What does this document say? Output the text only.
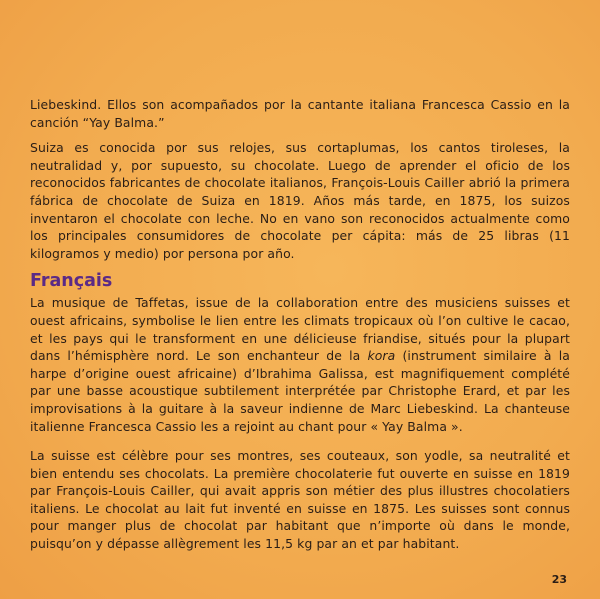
Liebeskind. Ellos son acompañados por la cantante italiana Francesca Cassio en la canción “Yay Balma.”

Suiza es conocida por sus relojes, sus cortaplumas, los cantos tiroleses, la neutralidad y, por supuesto, su chocolate. Luego de aprender el oficio de los reconocidos fabricantes de chocolate italianos, François-Louis Cailler abrió la primera fábrica de chocolate de Suiza en 1819. Años más tarde, en 1875, los suizos inventaron el chocolate con leche. No en vano son reconocidos actualmente como los principales consumidores de chocolate per cápita: más de 25 libras (11 kilogramos y medio) por persona por año.

Français

La musique de Taffetas, issue de la collaboration entre des musiciens suisses et ouest africains, symbolise le lien entre les climats tropicaux où l’on cultive le cacao, et les pays qui le transforment en une délicieuse friandise, situés pour la plupart dans l’hémisphère nord. Le son enchanteur de la kora (instrument similaire à la harpe d’origine ouest africaine) d’Ibrahima Galissa, est magnifiquement complété par une basse acoustique subtilement interprétée par Christophe Erard, et par les improvisations à la guitare à la saveur indienne de Marc Liebeskind. La chanteuse italienne Francesca Cassio les a rejoint au chant pour « Yay Balma ».

La suisse est célèbre pour ses montres, ses couteaux, son yodle, sa neutralité et bien entendu ses chocolats. La première chocolaterie fut ouverte en suisse en 1819 par François-Louis Cailler, qui avait appris son métier des plus illustres chocolatiers italiens. Le chocolat au lait fut inventé en suisse en 1875. Les suisses sont connus pour manger plus de chocolat par habitant que n’importe où dans le monde, puisqu’on y dépasse allègrement les 11,5 kg par an et par habitant.

23
